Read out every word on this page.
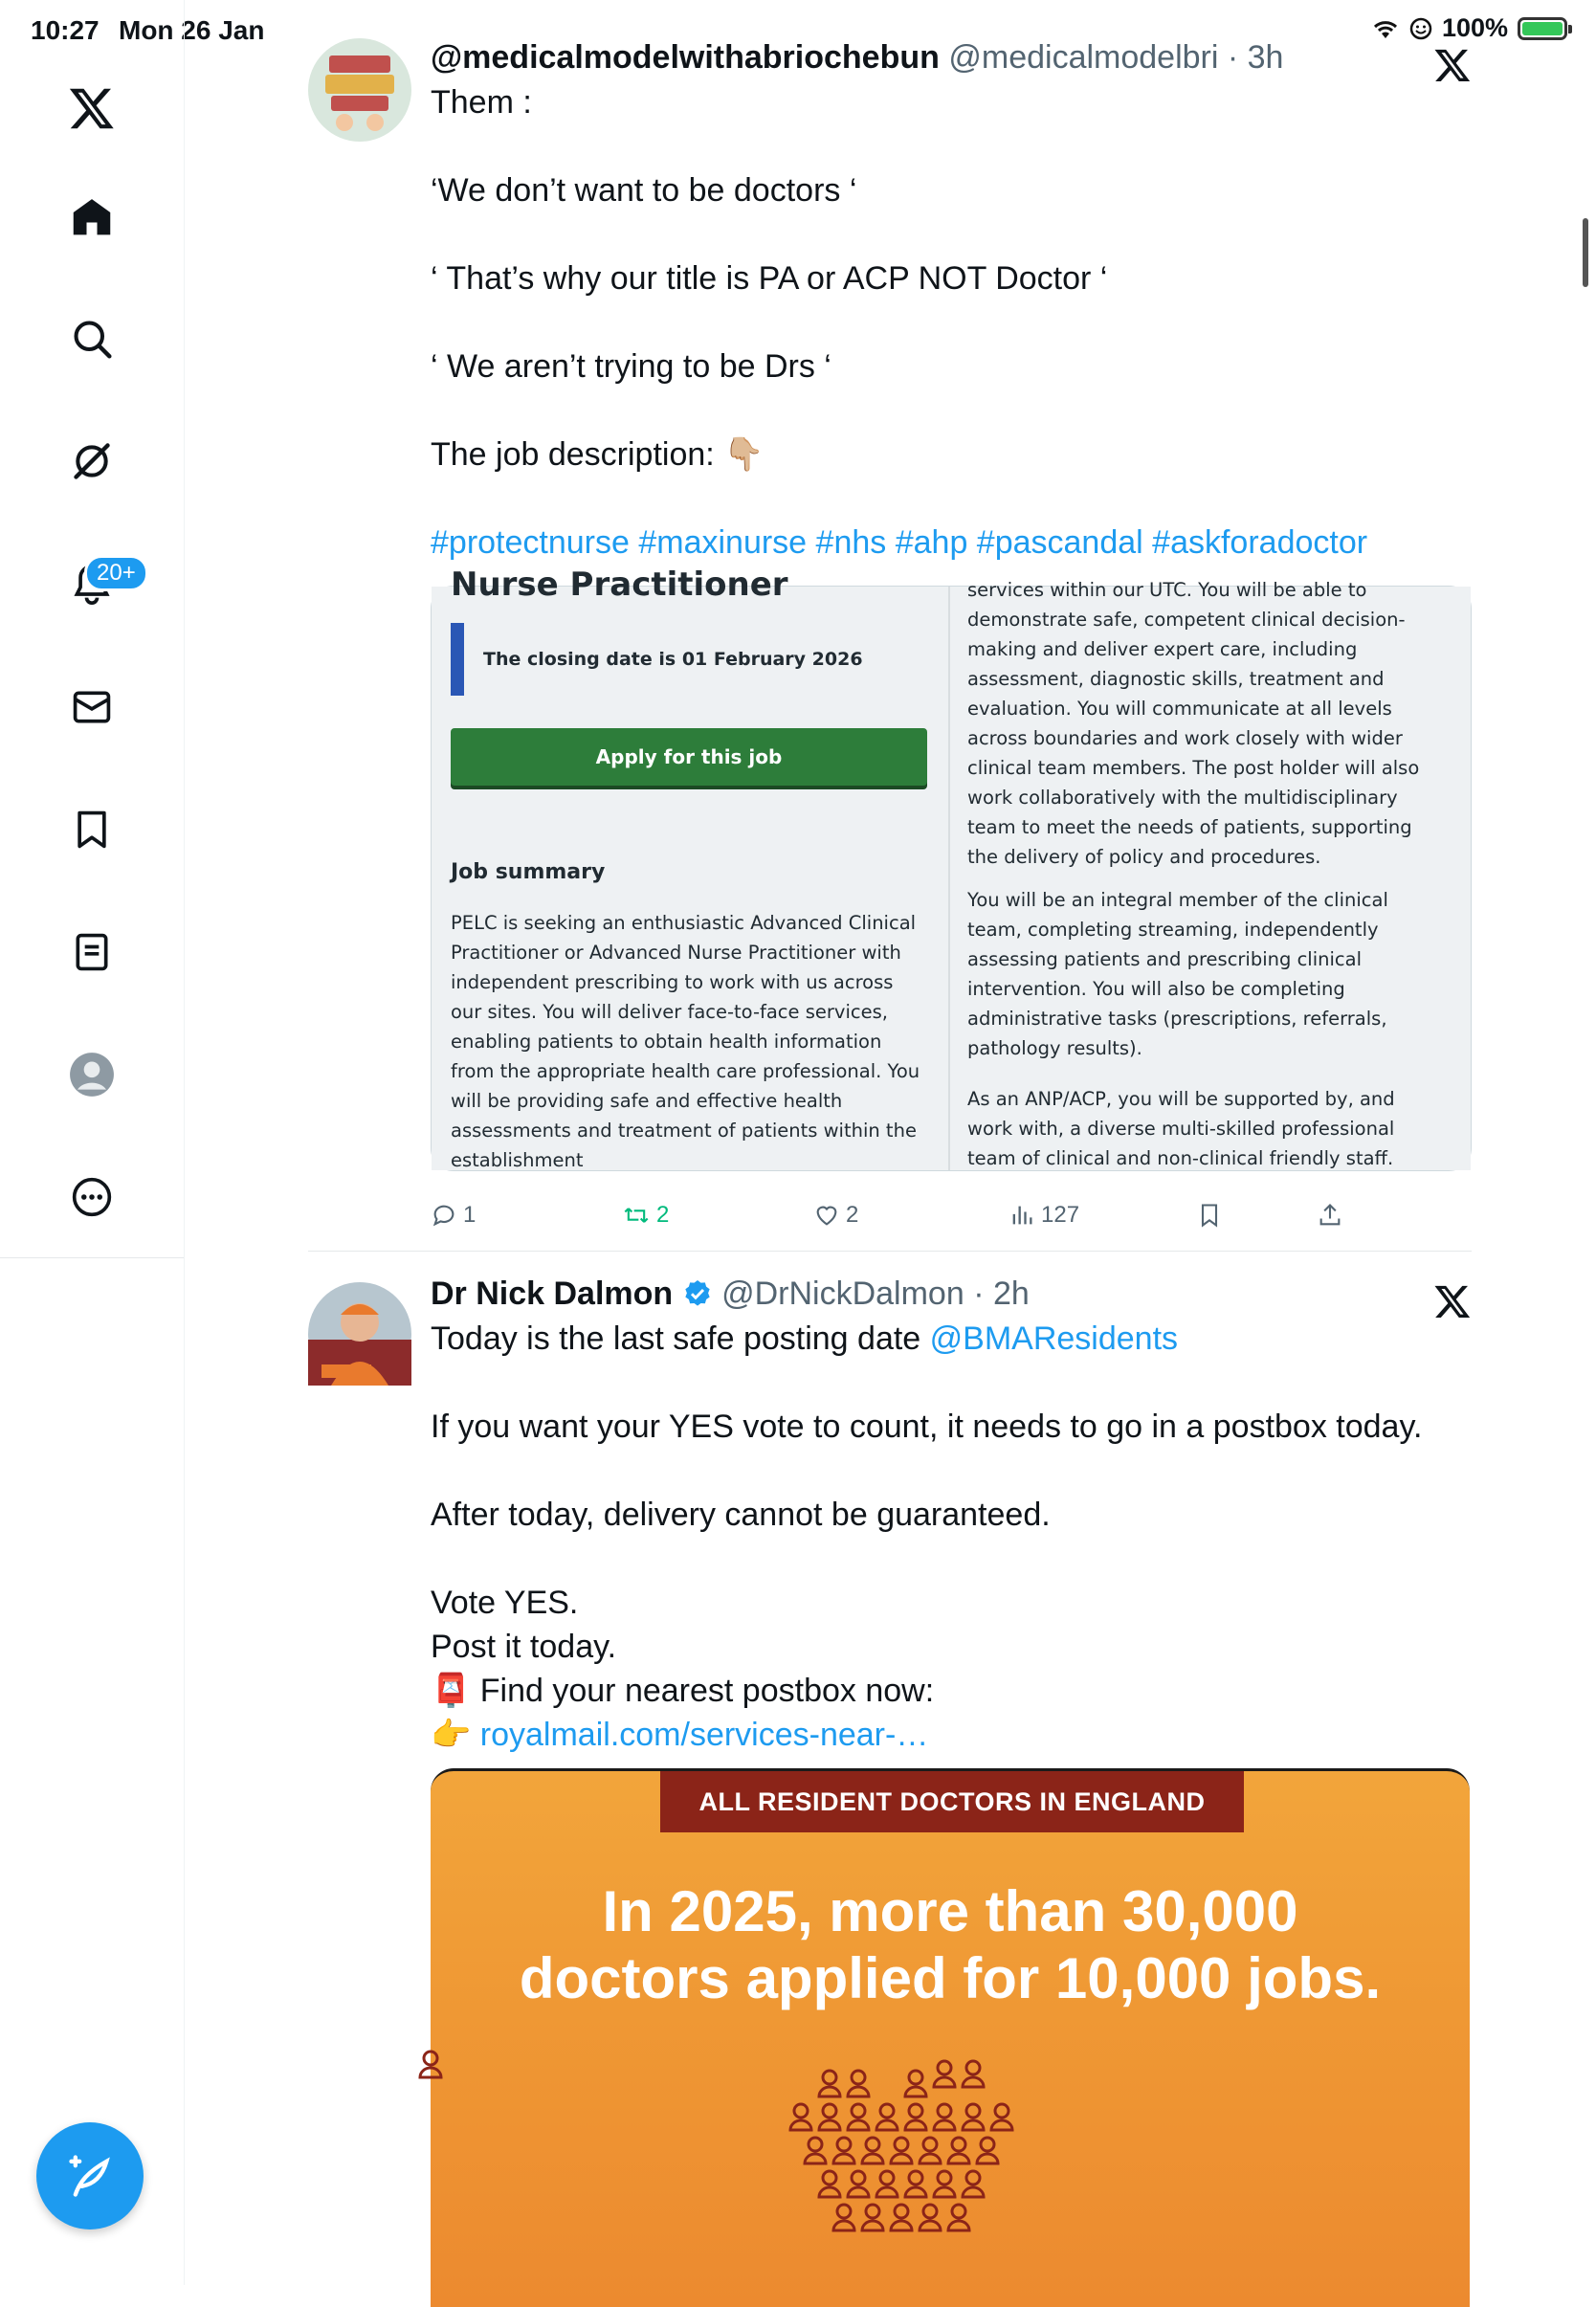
10:27 Mon 26 Jan	100%
20+
@medicalmodelwithabriochebun @medicalmodelbri · 3h

Them :

‘We don’t want to be doctors ‘

‘ That’s why our title is PA or ACP NOT Doctor ‘

‘ We aren’t trying to be Drs ‘

The job description: 👇🏼

#protectnurse #maxinurse #nhs #ahp #pascandal #askforadoctor

Nurse Practitioner
The closing date is 01 February 2026
Apply for this job
Job summary
PELC is seeking an enthusiastic Advanced Clinical Practitioner or Advanced Nurse Practitioner with independent prescribing to work with us across our sites. You will deliver face-to-face services, enabling patients to obtain health information from the appropriate health care professional. You will be providing safe and effective health assessments and treatment of patients within the establishment
services within our UTC. You will be able to demonstrate safe, competent clinical decision-making and deliver expert care, including assessment, diagnostic skills, treatment and evaluation. You will communicate at all levels across boundaries and work closely with wider clinical team members. The post holder will also work collaboratively with the multidisciplinary team to meet the needs of patients, supporting the delivery of policy and procedures.
You will be an integral member of the clinical team, completing streaming, independently assessing patients and prescribing clinical intervention. You will also be completing administrative tasks (prescriptions, referrals, pathology results).
As an ANP/ACP, you will be supported by, and work with, a diverse multi-skilled professional team of clinical and non-clinical friendly staff.
1	2	2	127
Dr Nick Dalmon @DrNickDalmon · 2h

Today is the last safe posting date @BMAResidents

If you want your YES vote to count, it needs to go in a postbox today.

After today, delivery cannot be guaranteed.

Vote YES.
Post it today.
📮 Find your nearest postbox now:
👉 royalmail.com/services-near-…
ALL RESIDENT DOCTORS IN ENGLAND
In 2025, more than 30,000
doctors applied for 10,000 jobs.
